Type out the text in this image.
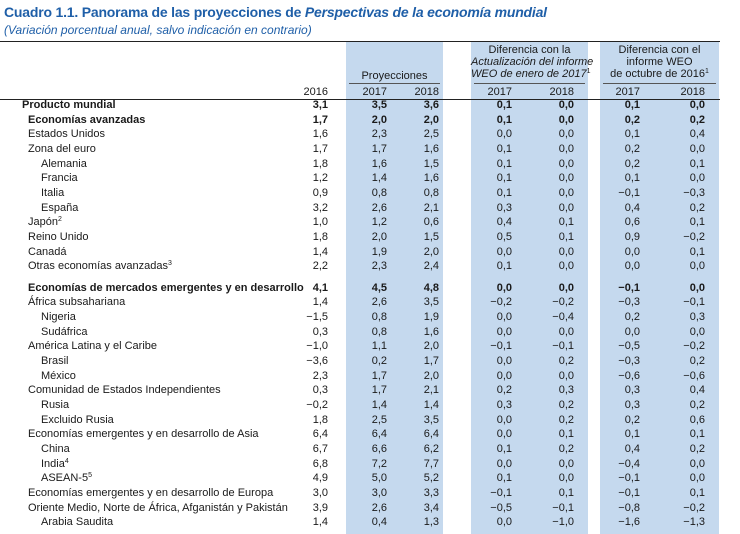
Cuadro 1.1. Panorama de las proyecciones de Perspectivas de la economía mundial
(Variación porcentual anual, salvo indicación en contrario)
Proyecciones
Diferencia con la
Actualización del informe
WEO de enero de 2017$^1$
Diferencia con el
informe WEO
de octubre de 2016$^1$
2016	2017	2018	2017	2018	2017	2018
Producto mundial	3,1	3,5	3,6	0,1	0,0	0,1	0,0
Economías avanzadas	1,7	2,0	2,0	0,1	0,0	0,2	0,2
Estados Unidos	1,6	2,3	2,5	0,0	0,0	0,1	0,4
Zona del euro	1,7	1,7	1,6	0,1	0,0	0,2	0,0
Alemania	1,8	1,6	1,5	0,1	0,0	0,2	0,1
Francia	1,2	1,4	1,6	0,1	0,0	0,1	0,0
Italia	0,9	0,8	0,8	0,1	0,0	−0,1	−0,3
España	3,2	2,6	2,1	0,3	0,0	0,4	0,2
Japón$^2$	1,0	1,2	0,6	0,4	0,1	0,6	0,1
Reino Unido	1,8	2,0	1,5	0,5	0,1	0,9	−0,2
Canadá	1,4	1,9	2,0	0,0	0,0	0,0	0,1
Otras economías avanzadas$^3$	2,2	2,3	2,4	0,1	0,0	0,0	0,0
Economías de mercados emergentes y en desarrollo 4,1	4,5	4,8	0,0	0,0	−0,1	0,0
África subsahariana	1,4	2,6	3,5	−0,2	−0,2	−0,3	−0,1
Nigeria	−1,5	0,8	1,9	0,0	−0,4	0,2	0,3
Sudáfrica	0,3	0,8	1,6	0,0	0,0	0,0	0,0
América Latina y el Caribe	−1,0	1,1	2,0	−0,1	−0,1	−0,5	−0,2
Brasil	−3,6	0,2	1,7	0,0	0,2	−0,3	0,2
México	2,3	1,7	2,0	0,0	0,0	−0,6	−0,6
Comunidad de Estados Independientes	0,3	1,7	2,1	0,2	0,3	0,3	0,4
Rusia	−0,2	1,4	1,4	0,3	0,2	0,3	0,2
Excluido Rusia	1,8	2,5	3,5	0,0	0,2	0,2	0,6
Economías emergentes y en desarrollo de Asia	6,4	6,4	6,4	0,0	0,1	0,1	0,1
China	6,7	6,6	6,2	0,1	0,2	0,4	0,2
India$^4$	6,8	7,2	7,7	0,0	0,0	−0,4	0,0
ASEAN-$5^5$	4,9	5,0	5,2	0,1	0,0	−0,1	0,0
Economías emergentes y en desarrollo de Europa	3,0	3,0	3,3	−0,1	0,1	−0,1	0,1
Oriente Medio, Norte de África, Afganistán y Pakistán	3,9	2,6	3,4	−0,5	−0,1	−0,8	−0,2
Arabia Saudita	1,4	0,4	1,3	0,0	−1,0	−1,6	−1,3
